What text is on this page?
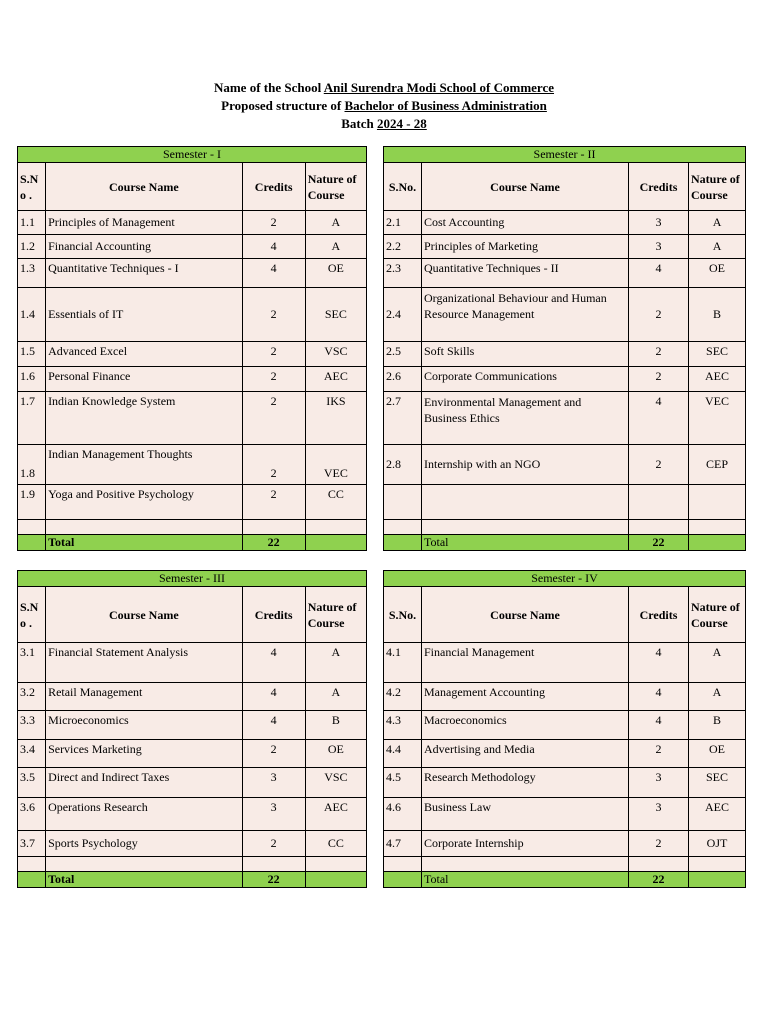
Name of the School Anil Surendra Modi School of Commerce
Proposed structure of Bachelor of Business Administration
Batch 2024 - 28
Semester - I			
S.N o .	Course Name	Credits	Nature of Course
1.1	Principles of Management	2	A
1.2	Financial Accounting	4	A
1.3	Quantitative Techniques - I	4	OE
1.4	Essentials of IT	2	SEC
1.5	Advanced Excel	2	VSC
1.6	Personal Finance	2	AEC
1.7	Indian Knowledge System	2	IKS
1.8	Indian Management Thoughts	2	VEC
1.9	Yoga and Positive Psychology	2	CC

	Total	22	
Semester - II			
S.No.	Course Name	Credits	Nature of Course
2.1	Cost Accounting	3	A
2.2	Principles of Marketing	3	A
2.3	Quantitative Techniques - II	4	OE
2.4	Organizational Behaviour and Human Resource Management	2	B
2.5	Soft Skills	2	SEC
2.6	Corporate Communications	2	AEC
2.7	Environmental Management and Business Ethics	4	VEC
2.8	Internship with an NGO	2	CEP

	Total	22	
Semester - III			
S.N o .	Course Name	Credits	Nature of Course
3.1	Financial Statement Analysis	4	A
3.2	Retail Management	4	A
3.3	Microeconomics	4	B
3.4	Services Marketing	2	OE
3.5	Direct and Indirect Taxes	3	VSC
3.6	Operations Research	3	AEC
3.7	Sports Psychology	2	CC

	Total	22	
Semester - IV			
S.No.	Course Name	Credits	Nature of Course
4.1	Financial Management	4	A
4.2	Management Accounting	4	A
4.3	Macroeconomics	4	B
4.4	Advertising and Media	2	OE
4.5	Research Methodology	3	SEC
4.6	Business Law	3	AEC
4.7	Corporate Internship	2	OJT

	Total	22	
